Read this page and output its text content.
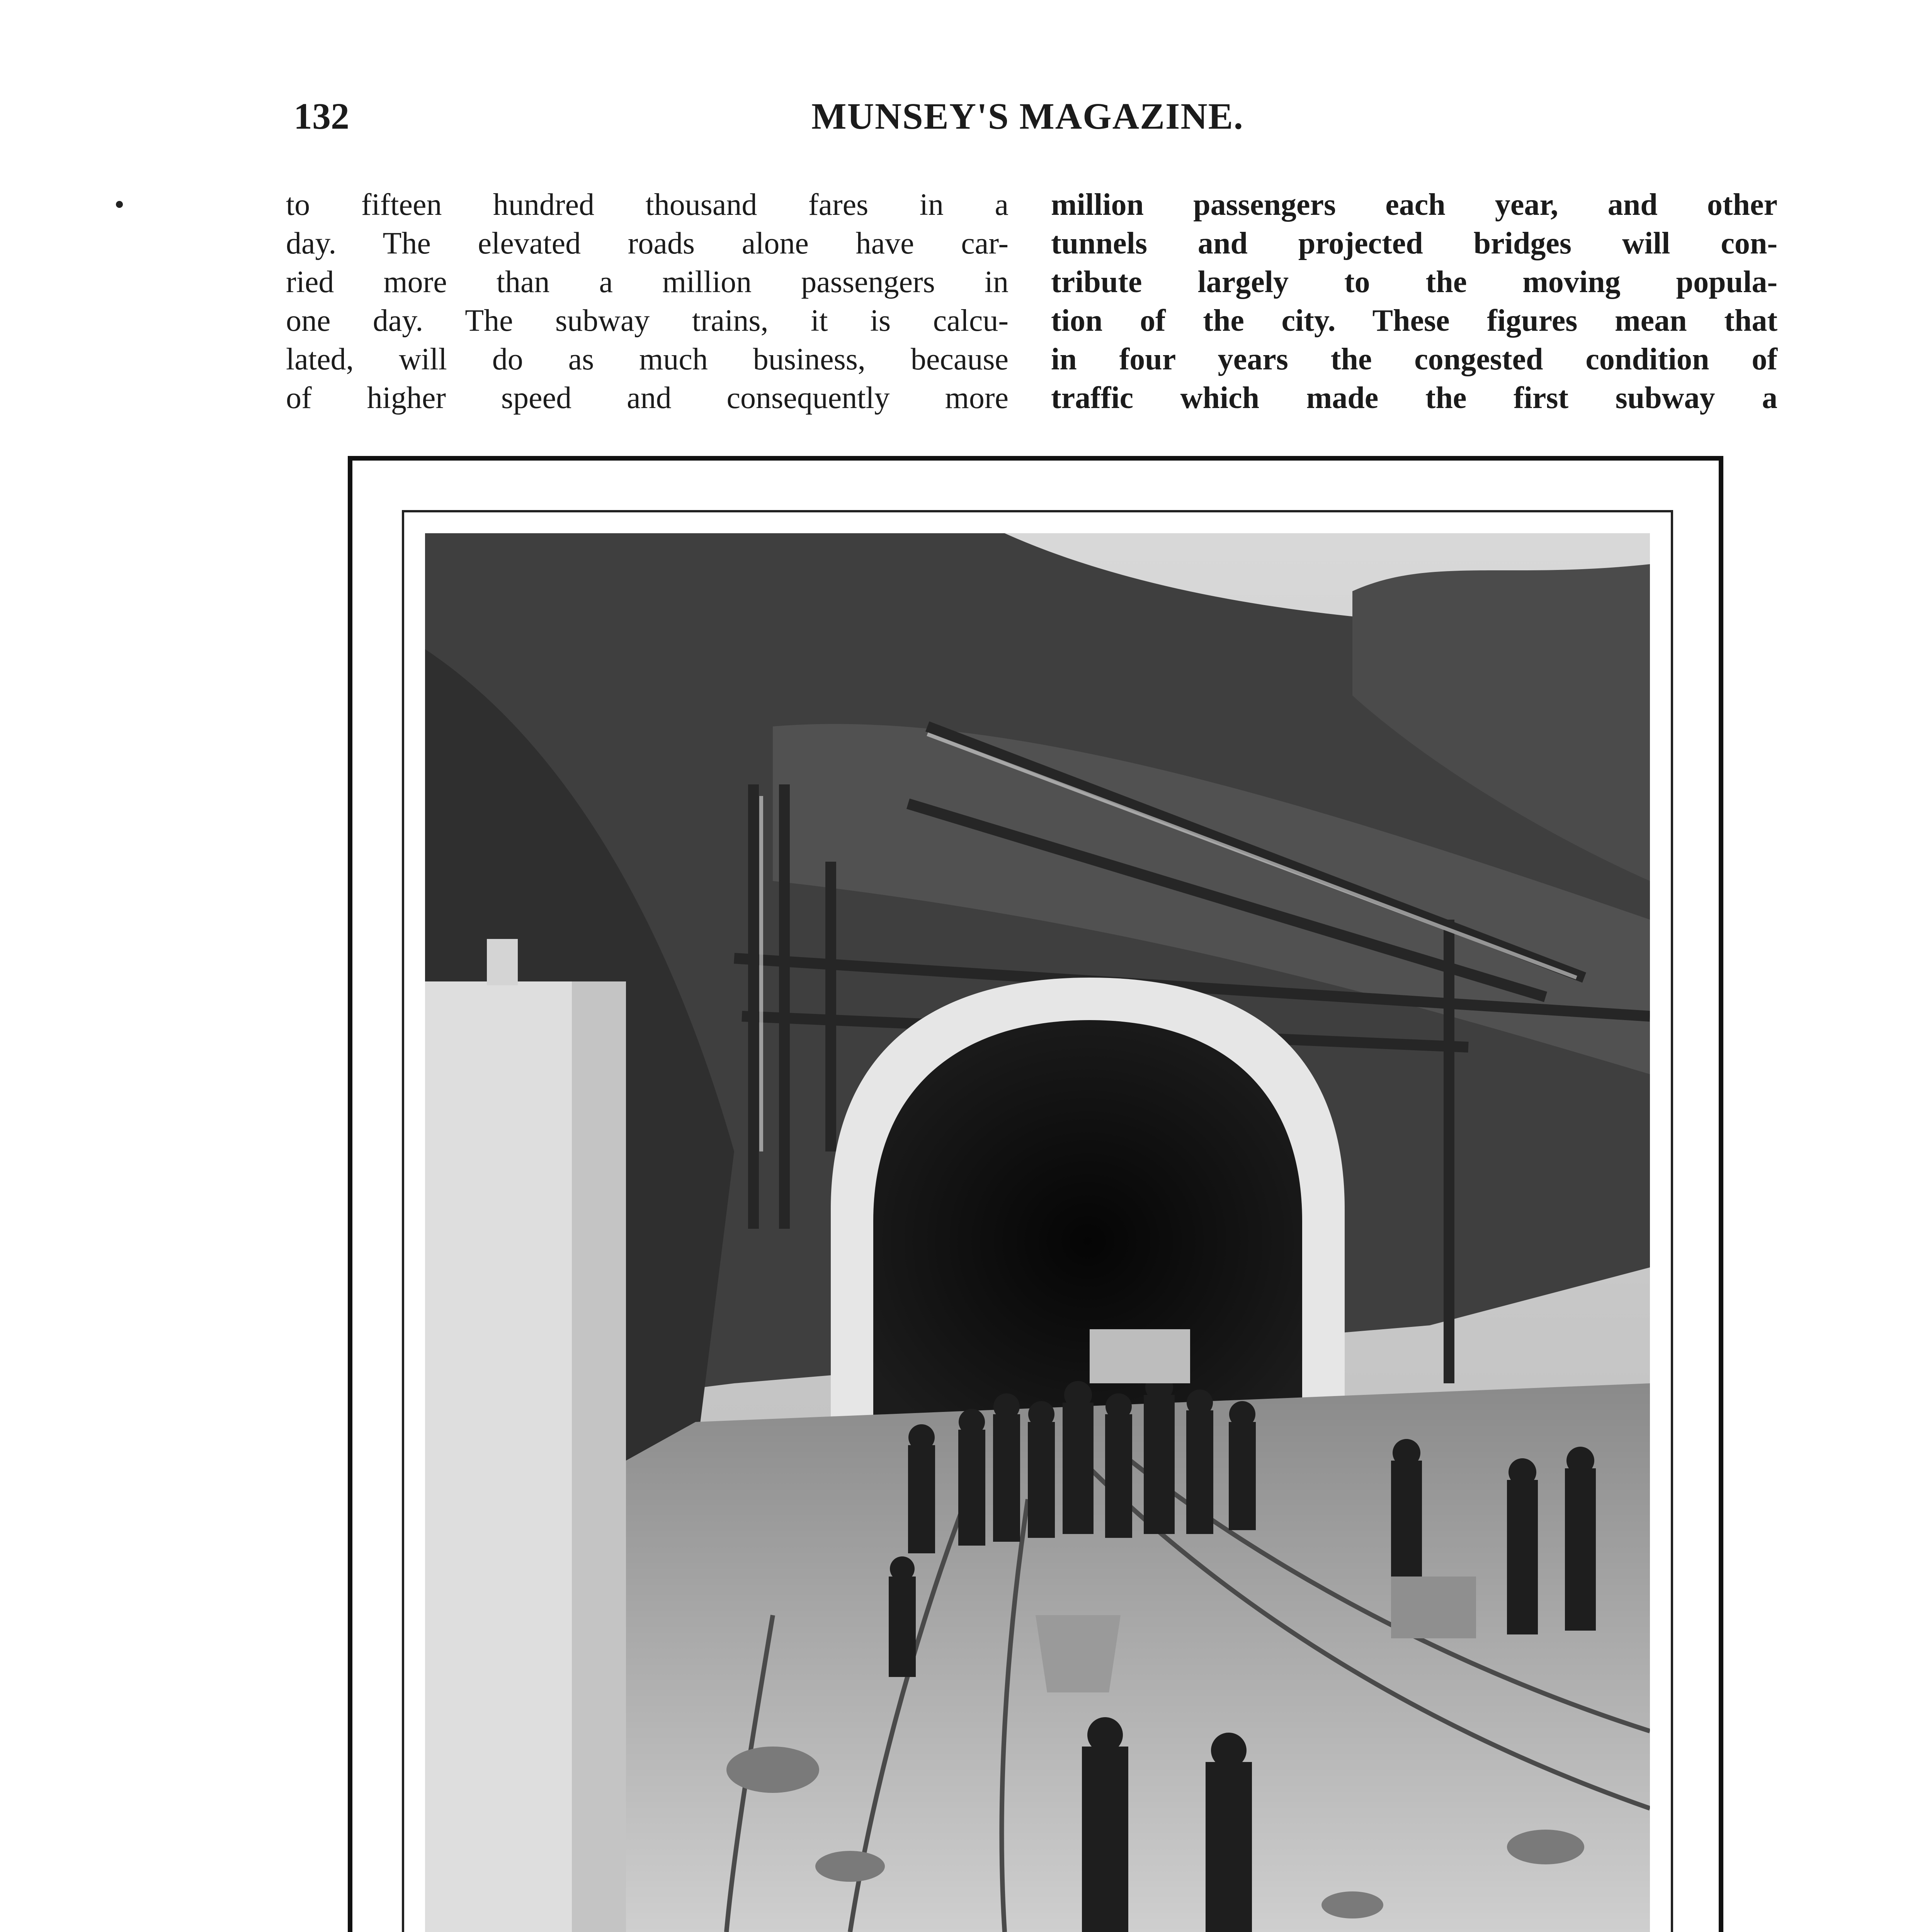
132	MUNSEY'S MAGAZINE.
to fifteen hundred thousand fares in a
day. The elevated roads alone have car-
ried more than a million passengers in
one day. The subway trains, it is calcu-
lated, will do as much business, because
of higher speed and consequently more
million passengers each year, and other
tunnels and projected bridges will con-
tribute largely to the moving popula-
tion of the city. These figures mean that
in four years the congested condition of
traffic which made the first subway a
